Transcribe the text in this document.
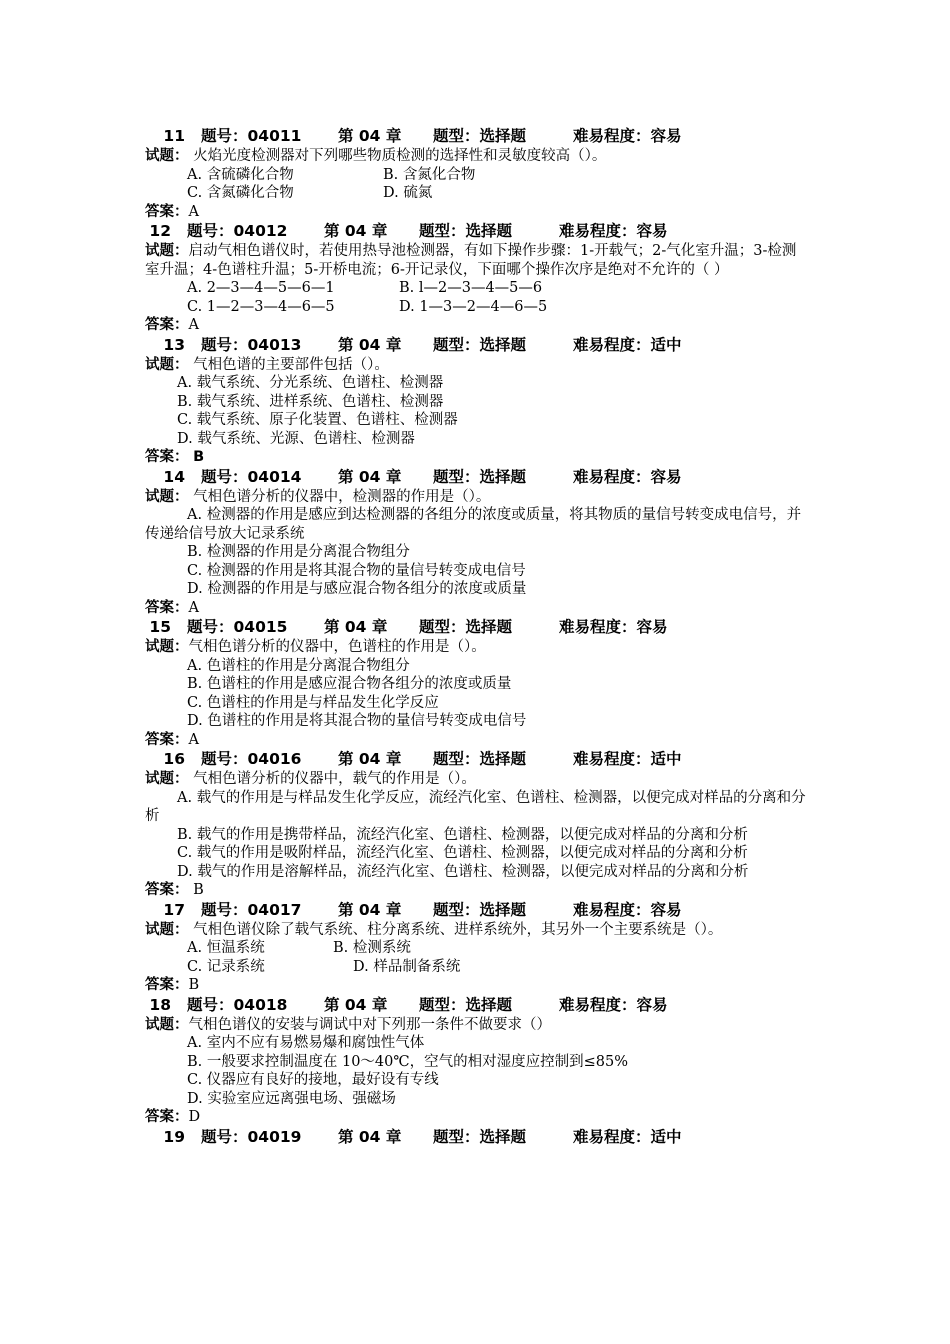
11 题号：04011 第 04 章 题型：选择题	难易程度：容易
试题： 火焰光度检测器对下列哪些物质检测的选择性和灵敏度较高（）。
A. 含硫磷化合物	B. 含氮化合物
C. 含氮磷化合物	D. 硫氮
答案：A
12 题号：04012 第 04 章 题型：选择题	难易程度：容易
试题：启动气相色谱仪时，若使用热导池检测器，有如下操作步骤：1-开载气；2-气化室升温；3-检测室升温；4-色谱柱升温；5-开桥电流；6-开记录仪，下面哪个操作次序是绝对不允许的（ ）
A. 2—3—4—5—6—1	B. l—2—3—4—5—6
C. 1—2—3—4—6—5	D. 1—3—2—4—6—5
答案：A
13 题号：04013 第 04 章 题型：选择题	难易程度：适中
试题： 气相色谱的主要部件包括（）。
A. 载气系统、分光系统、色谱柱、检测器
B. 载气系统、进样系统、色谱柱、检测器
C. 载气系统、原子化装置、色谱柱、检测器
D. 载气系统、光源、色谱柱、检测器
答案： B
14 题号：04014 第 04 章 题型：选择题	难易程度：容易
试题： 气相色谱分析的仪器中，检测器的作用是（）。
A. 检测器的作用是感应到达检测器的各组分的浓度或质量，将其物质的量信号转变成电信号，并传递给信号放大记录系统
B. 检测器的作用是分离混合物组分
C. 检测器的作用是将其混合物的量信号转变成电信号
D. 检测器的作用是与感应混合物各组分的浓度或质量
答案：A
15 题号：04015 第 04 章 题型：选择题	难易程度：容易
试题：气相色谱分析的仪器中，色谱柱的作用是（）。
A. 色谱柱的作用是分离混合物组分
B. 色谱柱的作用是感应混合物各组分的浓度或质量
C. 色谱柱的作用是与样品发生化学反应
D. 色谱柱的作用是将其混合物的量信号转变成电信号
答案：A
16 题号：04016 第 04 章 题型：选择题	难易程度：适中
试题： 气相色谱分析的仪器中，载气的作用是（）。
A. 载气的作用是与样品发生化学反应，流经汽化室、色谱柱、检测器，以便完成对样品的分离和分析
B. 载气的作用是携带样品，流经汽化室、色谱柱、检测器，以便完成对样品的分离和分析
C. 载气的作用是吸附样品，流经汽化室、色谱柱、检测器，以便完成对样品的分离和分析
D. 载气的作用是溶解样品，流经汽化室、色谱柱、检测器，以便完成对样品的分离和分析
答案： B
17 题号：04017 第 04 章 题型：选择题	难易程度：容易
试题： 气相色谱仪除了载气系统、柱分离系统、进样系统外，其另外一个主要系统是（）。
A. 恒温系统	B. 检测系统
C. 记录系统	D. 样品制备系统
答案：B
18 题号：04018 第 04 章 题型：选择题	难易程度：容易
试题：气相色谱仪的安装与调试中对下列那一条件不做要求（）
A. 室内不应有易燃易爆和腐蚀性气体
B. 一般要求控制温度在 10～40℃，空气的相对湿度应控制到≤85%
C. 仪器应有良好的接地，最好设有专线
D. 实验室应远离强电场、强磁场
答案：D
19 题号：04019 第 04 章 题型：选择题	难易程度：适中
